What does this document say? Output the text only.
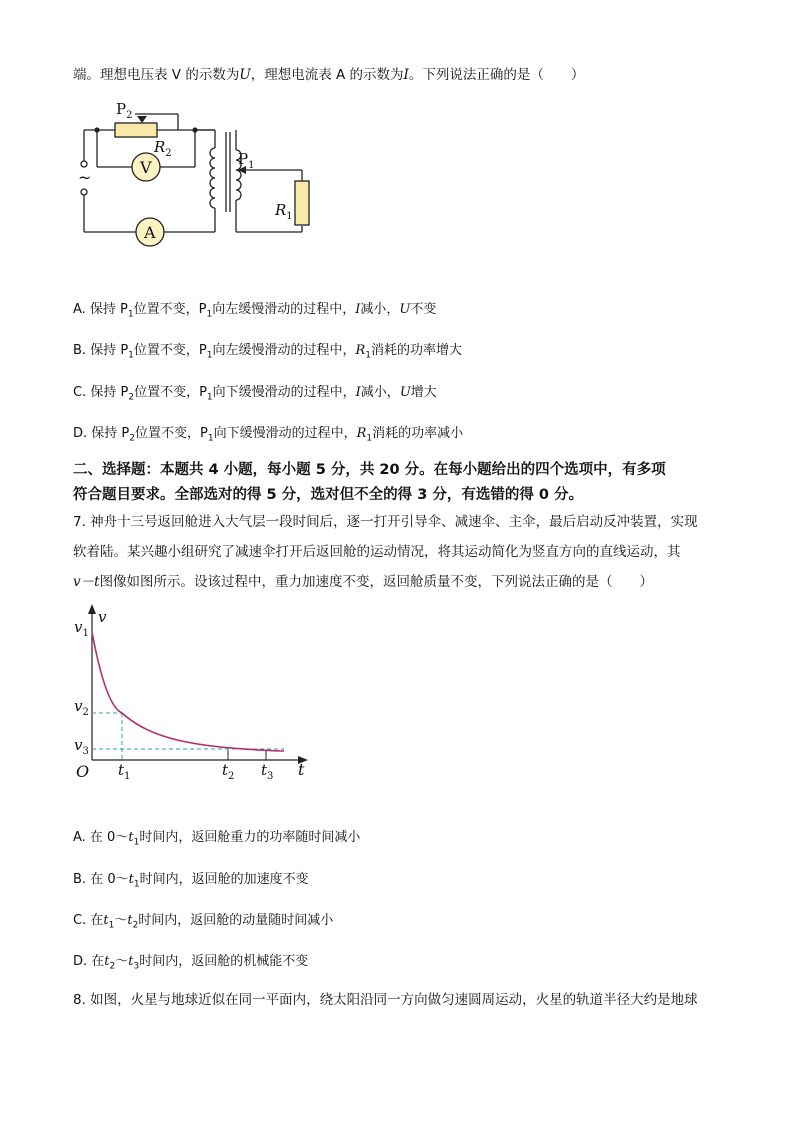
端。理想电压表 V 的示数为U，理想电流表 A 的示数为I。下列说法正确的是（　　）
$P_2$
$R_2$	$P_1$
$R_1$
V
A
~
A. 保持 $P_1$位置不变，$P_1$向左缓慢滑动的过程中，I减小，U不变
B. 保持 $P_1$位置不变，$P_1$向左缓慢滑动的过程中，$R_1$消耗的功率增大
C. 保持 $P_2$位置不变，$P_1$向下缓慢滑动的过程中，I减小，U增大
D. 保持 $P_2$位置不变，$P_1$向下缓慢滑动的过程中，$R_1$消耗的功率减小
二、选择题：本题共 4 小题，每小题 5 分，共 20 分。在每小题给出的四个选项中，有多项
符合题目要求。全部选对的得 5 分，选对但不全的得 3 分，有选错的得 0 分。
7. 神舟十三号返回舱进入大气层一段时间后，逐一打开引导伞、减速伞、主伞，最后启动反冲装置，实现
软着陆。某兴趣小组研究了减速伞打开后返回舱的运动情况，将其运动简化为竖直方向的直线运动，其
v－t图像如图所示。设该过程中，重力加速度不变，返回舱质量不变，下列说法正确的是（　　）
$v_1$
v
$v_2$
$v_3$
O $t_1$	$t_2$ $t_3$ t
A. 在 $0\sim t_1$时间内，返回舱重力的功率随时间减小
B. 在 $0\sim t_1$时间内，返回舱的加速度不变
C. 在$t_1\sim t_2$时间内，返回舱的动量随时间减小
D. 在$t_2\sim t_3$时间内，返回舱的机械能不变
8. 如图，火星与地球近似在同一平面内，绕太阳沿同一方向做匀速圆周运动，火星的轨道半径大约是地球
